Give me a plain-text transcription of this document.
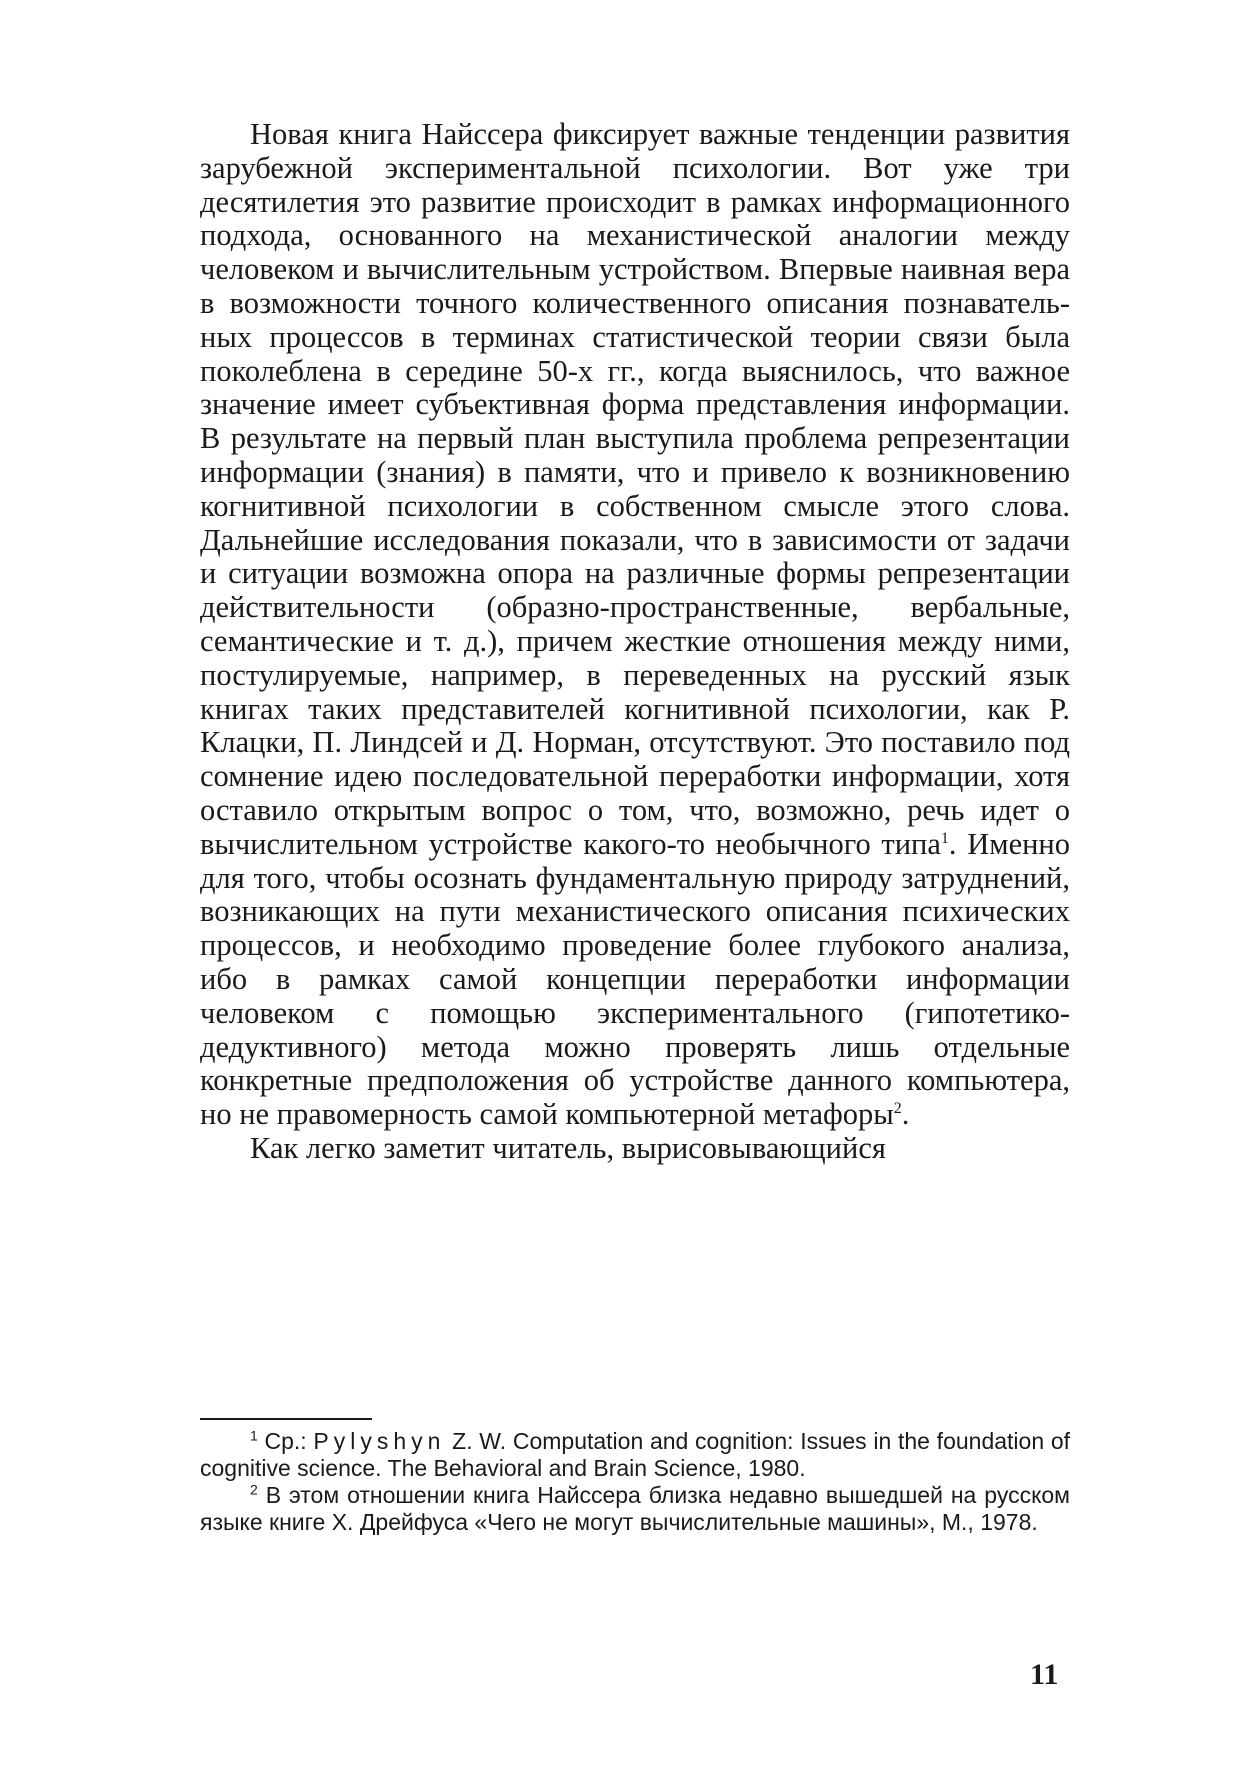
Новая книга Найссера фиксирует важные тенденции развития зарубежной экспериментальной психологии. Вот уже три десятилетия это развитие происходит в рамках информационного подхода, основанного на механистической аналогии между человеком и вычислительным устройством. Впервые наивная вера в возможности точного количественного описания познавательных процессов в терминах статистической теории связи была поколеблена в середине 50-х гг., когда выяснилось, что важное значение имеет субъективная форма представления информации. В результате на первый план выступила проблема репрезентации информации (знания) в памяти, что и привело к возникновению когнитивной психологии в собственном смысле этого слова. Дальнейшие исследования показали, что в зависимости от задачи и ситуации возможна опора на различные формы репрезентации действительности (образно-пространственные, вербальные, семантические и т. д.), причем жесткие отношения между ними, постулируемые, например, в переведенных на русский язык книгах таких представителей когнитивной психологии, как Р. Клацки, П. Линдсей и Д. Норман, отсутствуют. Это поставило под сомнение идею последовательной переработки информации, хотя оставило открытым вопрос о том, что, возможно, речь идет о вычислительном устройстве какого-то необычного типа$^1$. Именно для того, чтобы осознать фундаментальную природу затруднений, возникающих на пути механистического описания психических процессов, и необходимо проведение более глубокого анализа, ибо в рамках самой концепции переработки информации человеком с помощью экспериментального (гипотетико-дедуктивного) метода можно проверять лишь отдельные конкретные предположения об устройстве данного компьютера, но не правомерность самой компьютерной метафоры$^2$.

Как легко заметит читатель, вырисовывающийся

$^1$ Ср.: Pylyshyn Z. W. Computation and cognition: Issues in the foundation of cognitive science. The Behavioral and Brain Science, 1980.

$^2$ В этом отношении книга Найссера близка недавно вышедшей на русском языке книге Х. Дрейфуса «Чего не могут вычислительные машины», М., 1978.

11
